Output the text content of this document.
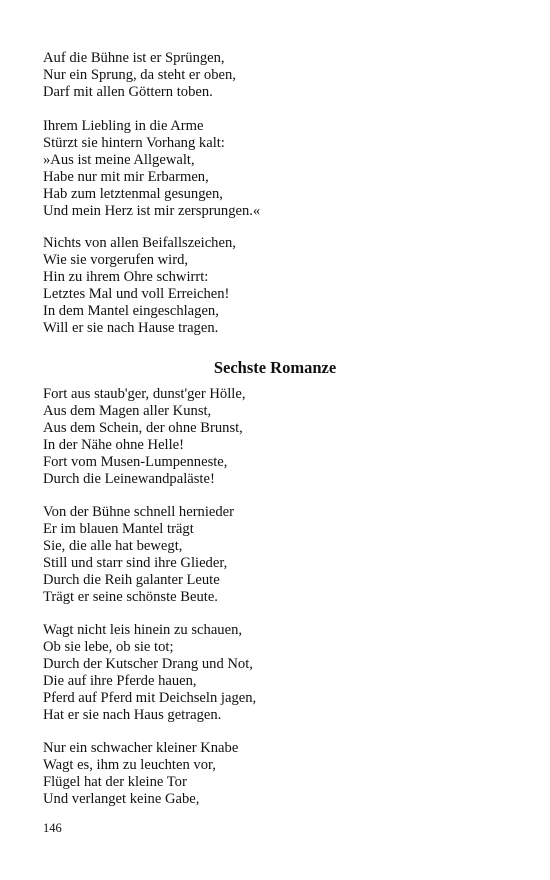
Auf die Bühne ist er Sprüngen,
Nur ein Sprung, da steht er oben,
Darf mit allen Göttern toben.
Ihrem Liebling in die Arme
Stürzt sie hintern Vorhang kalt:
»Aus ist meine Allgewalt,
Habe nur mit mir Erbarmen,
Hab zum letztenmal gesungen,
Und mein Herz ist mir zersprungen.«
Nichts von allen Beifallszeichen,
Wie sie vorgerufen wird,
Hin zu ihrem Ohre schwirrt:
Letztes Mal und voll Erreichen!
In dem Mantel eingeschlagen,
Will er sie nach Hause tragen.
Sechste Romanze
Fort aus staub'ger, dunst'ger Hölle,
Aus dem Magen aller Kunst,
Aus dem Schein, der ohne Brunst,
In der Nähe ohne Helle!
Fort vom Musen-Lumpenneste,
Durch die Leinewandpaläste!
Von der Bühne schnell hernieder
Er im blauen Mantel trägt
Sie, die alle hat bewegt,
Still und starr sind ihre Glieder,
Durch die Reih galanter Leute
Trägt er seine schönste Beute.
Wagt nicht leis hinein zu schauen,
Ob sie lebe, ob sie tot;
Durch der Kutscher Drang und Not,
Die auf ihre Pferde hauen,
Pferd auf Pferd mit Deichseln jagen,
Hat er sie nach Haus getragen.
Nur ein schwacher kleiner Knabe
Wagt es, ihm zu leuchten vor,
Flügel hat der kleine Tor
Und verlanget keine Gabe,
146
